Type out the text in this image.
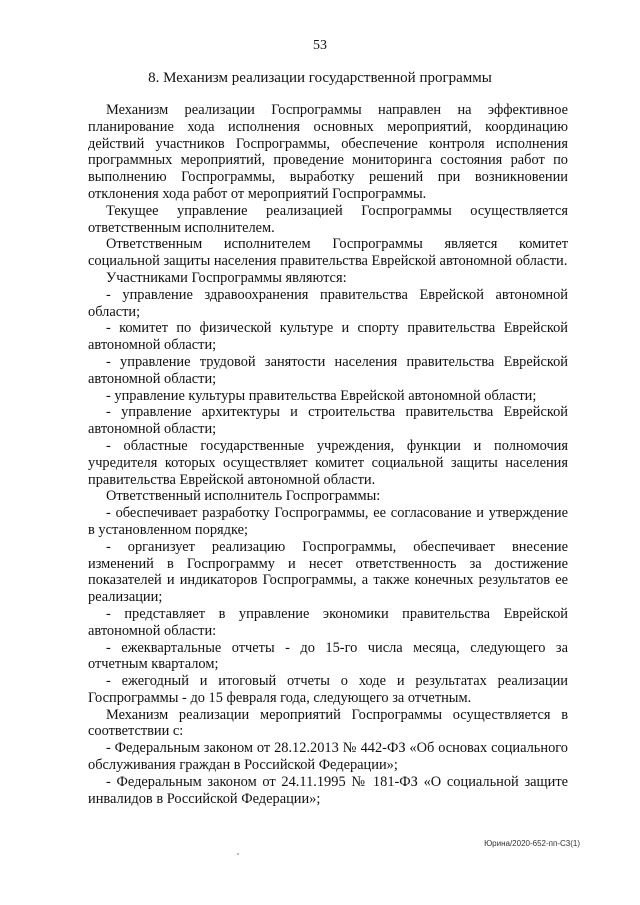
53
8. Механизм реализации государственной программы

Механизм реализации Госпрограммы направлен на эффективное планирование хода исполнения основных мероприятий, координацию действий участников Госпрограммы, обеспечение контроля исполнения программных мероприятий, проведение мониторинга состояния работ по выполнению Госпрограммы, выработку решений при возникновении отклонения хода работ от мероприятий Госпрограммы.

Текущее управление реализацией Госпрограммы осуществляется ответственным исполнителем.

Ответственным исполнителем Госпрограммы является комитет социальной защиты населения правительства Еврейской автономной области.

Участниками Госпрограммы являются:

- управление здравоохранения правительства Еврейской автономной области;

- комитет по физической культуре и спорту правительства Еврейской автономной области;

- управление трудовой занятости населения правительства Еврейской автономной области;

- управление культуры правительства Еврейской автономной области;

- управление архитектуры и строительства правительства Еврейской автономной области;

- областные государственные учреждения, функции и полномочия учредителя которых осуществляет комитет социальной защиты населения правительства Еврейской автономной области.

Ответственный исполнитель Госпрограммы:

- обеспечивает разработку Госпрограммы, ее согласование и утверждение в установленном порядке;

- организует реализацию Госпрограммы, обеспечивает внесение изменений в Госпрограмму и несет ответственность за достижение показателей и индикаторов Госпрограммы, а также конечных результатов ее реализации;

- представляет в управление экономики правительства Еврейской автономной области:

- ежеквартальные отчеты - до 15-го числа месяца, следующего за отчетным кварталом;

- ежегодный и итоговый отчеты о ходе и результатах реализации Госпрограммы - до 15 февраля года, следующего за отчетным.

Механизм реализации мероприятий Госпрограммы осуществляется в соответствии с:

- Федеральным законом от 28.12.2013 № 442-ФЗ «Об основах социального обслуживания граждан в Российской Федерации»;

- Федеральным законом от 24.11.1995 № 181-ФЗ «О социальной защите инвалидов в Российской Федерации»;

Юрина/2020-652-пп-С3(1)
